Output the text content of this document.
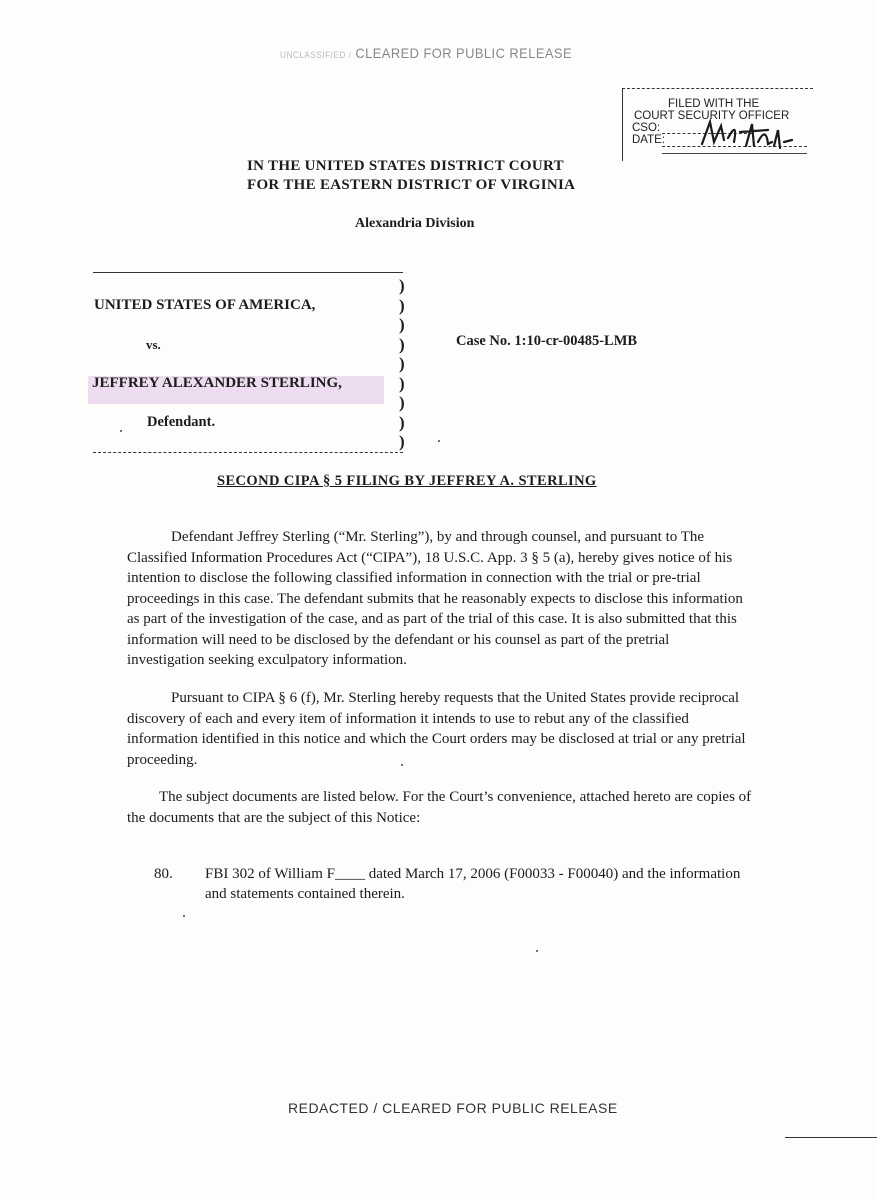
UNCLASSIFIED / CLEARED FOR PUBLIC RELEASE
FILED WITH THE
COURT SECURITY OFFICER
CSO:
DATE:
IN THE UNITED STATES DISTRICT COURT
FOR THE EASTERN DISTRICT OF VIRGINIA
Alexandria Division
UNITED STATES OF AMERICA,
vs.
JEFFREY ALEXANDER STERLING,
Defendant.
)
)
)
)
)
)
)
)
)
Case No. 1:10-cr-00485-LMB
SECOND CIPA § 5 FILING BY JEFFREY A. STERLING

Defendant Jeffrey Sterling (“Mr. Sterling”), by and through counsel, and pursuant to The Classified Information Procedures Act (“CIPA”), 18 U.S.C. App. 3 § 5 (a), hereby gives notice of his intention to disclose the following classified information in connection with the trial or pre-trial proceedings in this case. The defendant submits that he reasonably expects to disclose this information as part of the investigation of the case, and as part of the trial of this case. It is also submitted that this information will need to be disclosed by the defendant or his counsel as part of the pretrial investigation seeking exculpatory information.

Pursuant to CIPA § 6 (f), Mr. Sterling hereby requests that the United States provide reciprocal discovery of each and every item of information it intends to use to rebut any of the classified information identified in this notice and which the Court orders may be disclosed at trial or any pretrial proceeding.

The subject documents are listed below. For the Court’s convenience, attached hereto are copies of the documents that are the subject of this Notice:

80. FBI 302 of William F____ dated March 17, 2006 (F00033 - F00040) and the information and statements contained therein.
REDACTED / CLEARED FOR PUBLIC RELEASE
